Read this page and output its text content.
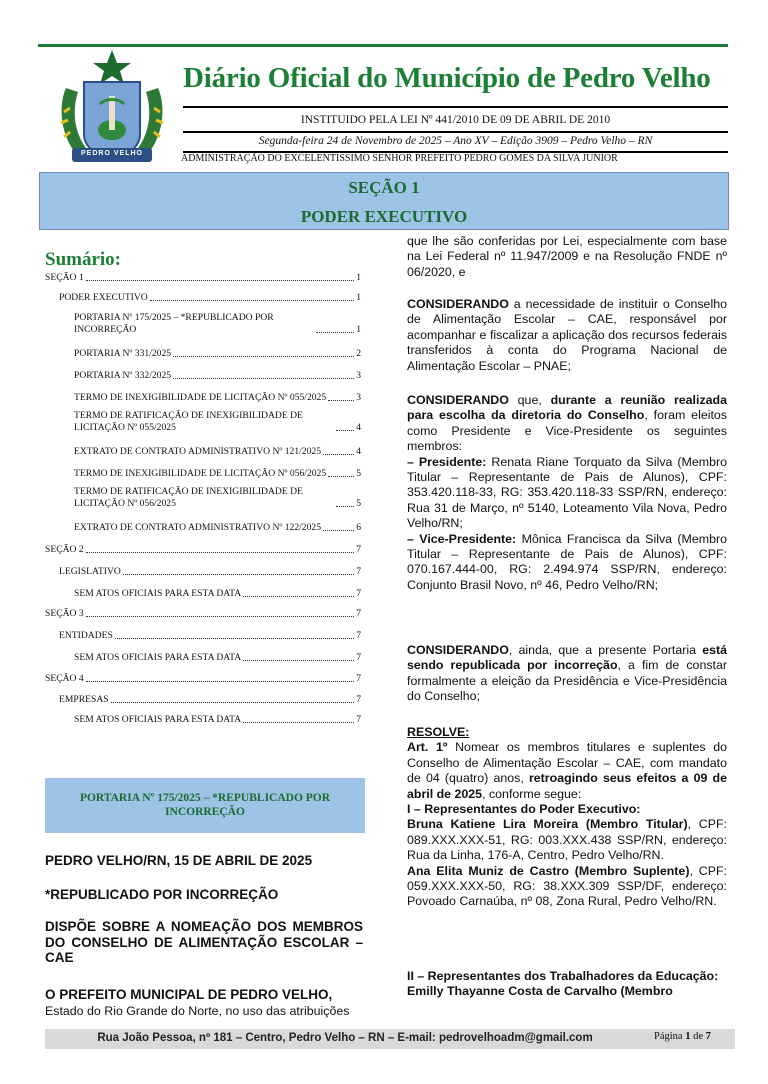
PEDRO VELHO
Diário Oficial do Município de Pedro Velho
INSTITUIDO PELA LEI Nº 441/2010 DE 09 DE ABRIL DE 2010
Segunda-feira 24 de Novembro de 2025 – Ano XV – Edição 3909 – Pedro Velho – RN
ADMINISTRAÇÃO DO EXCELENTISSIMO SENHOR PREFEITO PEDRO GOMES DA SILVA JÚNIOR
SEÇÃO 1
PODER EXECUTIVO
Sumário:
SEÇÃO 1	1
PODER EXECUTIVO	1
PORTARIA Nº 175/2025 – *REPUBLICADO POR INCORREÇÃO	1
PORTARIA Nº 331/2025	2
PORTARIA Nº 332/2025	3
TERMO DE INEXIGIBILIDADE DE LICITAÇÃO Nº 055/2025	3
TERMO DE RATIFICAÇÃO DE INEXIGIBILIDADE DE LICITAÇÃO Nº 055/2025	4
EXTRATO DE CONTRATO ADMINISTRATIVO Nº 121/2025	4
TERMO DE INEXIGIBILIDADE DE LICITAÇÃO Nº 056/2025	5
TERMO DE RATIFICAÇÃO DE INEXIGIBILIDADE DE LICITAÇÃO Nº 056/2025	5
EXTRATO DE CONTRATO ADMINISTRATIVO Nº 122/2025	6
SEÇÃO 2	7
LEGISLATIVO	7
SEM ATOS OFICIAIS PARA ESTA DATA	7
SEÇÃO 3	7
ENTIDADES	7
SEM ATOS OFICIAIS PARA ESTA DATA	7
SEÇÃO 4	7
EMPRESAS	7
SEM ATOS OFICIAIS PARA ESTA DATA	7
PORTARIA Nº 175/2025 – *REPUBLICADO POR INCORREÇÃO
PEDRO VELHO/RN, 15 DE ABRIL DE 2025
*REPUBLICADO POR INCORREÇÃO
DISPÕE SOBRE A NOMEAÇÃO DOS MEMBROS DO CONSELHO DE ALIMENTAÇÃO ESCOLAR – CAE
O PREFEITO MUNICIPAL DE PEDRO VELHO,
Estado do Rio Grande do Norte, no uso das atribuições

que lhe são conferidas por Lei, especialmente com base na Lei Federal nº 11.947/2009 e na Resolução FNDE nº 06/2020, e

CONSIDERANDO a necessidade de instituir o Conselho de Alimentação Escolar – CAE, responsável por acompanhar e fiscalizar a aplicação dos recursos federais transferidos à conta do Programa Nacional de Alimentação Escolar – PNAE;

CONSIDERANDO que, durante a reunião realizada para escolha da diretoria do Conselho, foram eleitos como Presidente e Vice-Presidente os seguintes membros:

– Presidente: Renata Riane Torquato da Silva (Membro Titular – Representante de Pais de Alunos), CPF: 353.420.118-33, RG: 353.420.118-33 SSP/RN, endereço: Rua 31 de Março, nº 5140, Loteamento Vila Nova, Pedro Velho/RN;

– Vice-Presidente: Mônica Francisca da Silva (Membro Titular – Representante de Pais de Alunos), CPF: 070.167.444-00, RG: 2.494.974 SSP/RN, endereço: Conjunto Brasil Novo, nº 46, Pedro Velho/RN;

CONSIDERANDO, ainda, que a presente Portaria está sendo republicada por incorreção, a fim de constar formalmente a eleição da Presidência e Vice-Presidência do Conselho;

RESOLVE:

Art. 1º Nomear os membros titulares e suplentes do Conselho de Alimentação Escolar – CAE, com mandato de 04 (quatro) anos, retroagindo seus efeitos a 09 de abril de 2025, conforme segue:

I – Representantes do Poder Executivo:

Bruna Katiene Lira Moreira (Membro Titular), CPF: 089.XXX.XXX-51, RG: 003.XXX.438 SSP/RN, endereço: Rua da Linha, 176-A, Centro, Pedro Velho/RN.

Ana Elita Muniz de Castro (Membro Suplente), CPF: 059.XXX.XXX-50, RG: 38.XXX.309 SSP/DF, endereço: Povoado Carnaúba, nº 08, Zona Rural, Pedro Velho/RN.

II – Representantes dos Trabalhadores da Educação:

Emilly Thayanne Costa de Carvalho (Membro

Rua João Pessoa, nº 181 – Centro, Pedro Velho – RN – E-mail: pedrovelhoadm@gmail.com	Página 1 de 7
